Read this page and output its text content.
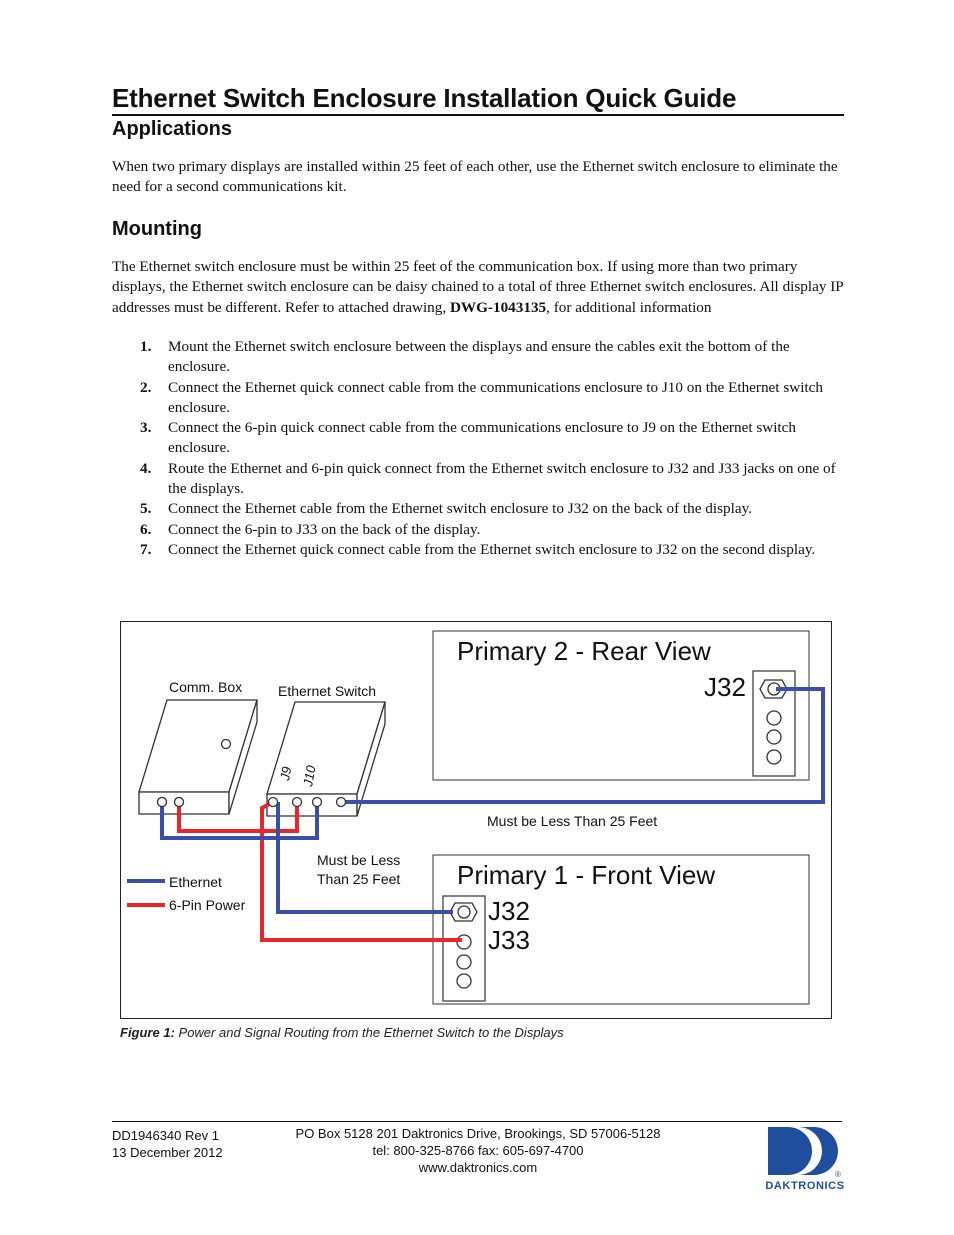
Ethernet Switch Enclosure Installation Quick Guide
Applications

When two primary displays are installed within 25 feet of each other, use the Ethernet switch enclosure to eliminate the need for a second communications kit.

Mounting

The Ethernet switch enclosure must be within 25 feet of the communication box. If using more than two primary displays, the Ethernet switch enclosure can be daisy chained to a total of three Ethernet switch enclosures. All display IP addresses must be different. Refer to attached drawing, DWG-1043135, for additional information

1. Mount the Ethernet switch enclosure between the displays and ensure the cables exit the bottom of the enclosure.
2. Connect the Ethernet quick connect cable from the communications enclosure to J10 on the Ethernet switch enclosure.
3. Connect the 6-pin quick connect cable from the communications enclosure to J9 on the Ethernet switch enclosure.
4. Route the Ethernet and 6-pin quick connect from the Ethernet switch enclosure to J32 and J33 jacks on one of the displays.
5. Connect the Ethernet cable from the Ethernet switch enclosure to J32 on the back of the display.
6. Connect the 6-pin to J33 on the back of the display.
7. Connect the Ethernet quick connect cable from the Ethernet switch enclosure to J32 on the second display.
Primary 2 - Rear View
J32
Primary 1 - Front View
J32
J33
Comm. Box	Ethernet Switch
J9 J10
Must be Less Than 25 Feet
Must be Less
Than 25 Feet
Ethernet
6-Pin Power
Figure 1: Power and Signal Routing from the Ethernet Switch to the Displays
DD1946340 Rev 1
13 December 2012
PO Box 5128 201 Daktronics Drive, Brookings, SD 57006-5128
tel: 800-325-8766 fax: 605-697-4700
www.daktronics.com	®
DAKTRONICS
